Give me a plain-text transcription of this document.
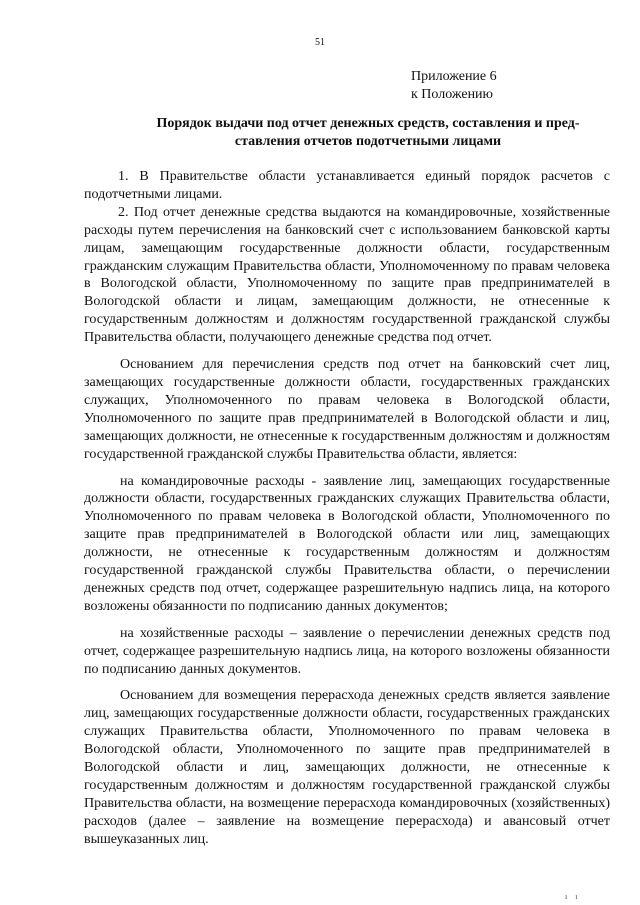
51
Приложение 6
к Положению
Порядок выдачи под отчет денежных средств, составления и пред-
ставления отчетов подотчетными лицами

1. В Правительстве области устанавливается единый порядок расчетов с подотчетными лицами.

2. Под отчет денежные средства выдаются на командировочные, хозяйственные расходы путем перечисления на банковский счет с использованием банковской карты лицам, замещающим государственные должности области, государственным гражданским служащим Правительства области, Уполномоченному по правам человека в Вологодской области, Уполномоченному по защите прав предпринимателей в Вологодской области и лицам, замещающим должности, не отнесенные к государственным должностям и должностям государственной гражданской службы Правительства области, получающего денежные средства под отчет.

Основанием для перечисления средств под отчет на банковский счет лиц, замещающих государственные должности области, государственных гражданских служащих, Уполномоченного по правам человека в Вологодской области, Уполномоченного по защите прав предпринимателей в Вологодской области и лиц, замещающих должности, не отнесенные к государственным должностям и должностям государственной гражданской службы Правительства области, является:

на командировочные расходы - заявление лиц, замещающих государственные должности области, государственных гражданских служащих Правительства области, Уполномоченного по правам человека в Вологодской области, Уполномоченного по защите прав предпринимателей в Вологодской области или лиц, замещающих должности, не отнесенные к государственным должностям и должностям государственной гражданской службы Правительства области, о перечислении денежных средств под отчет, содержащее разрешительную надпись лица, на которого возложены обязанности по подписанию данных документов;

на хозяйственные расходы – заявление о перечислении денежных средств под отчет, содержащее разрешительную надпись лица, на которого возложены обязанности по подписанию данных документов.

Основанием для возмещения перерасхода денежных средств является заявление лиц, замещающих государственные должности области, государственных гражданских служащих Правительства области, Уполномоченного по правам человека в Вологодской области, Уполномоченного по защите прав предпринимателей в Вологодской области и лиц, замещающих должности, не отнесенные к государственным должностям и должностям государственной гражданской службы Правительства области, на возмещение перерасхода командировочных (хозяйственных) расходов (далее – заявление на возмещение перерасхода) и авансовый отчет вышеуказанных лиц.

ı ı
